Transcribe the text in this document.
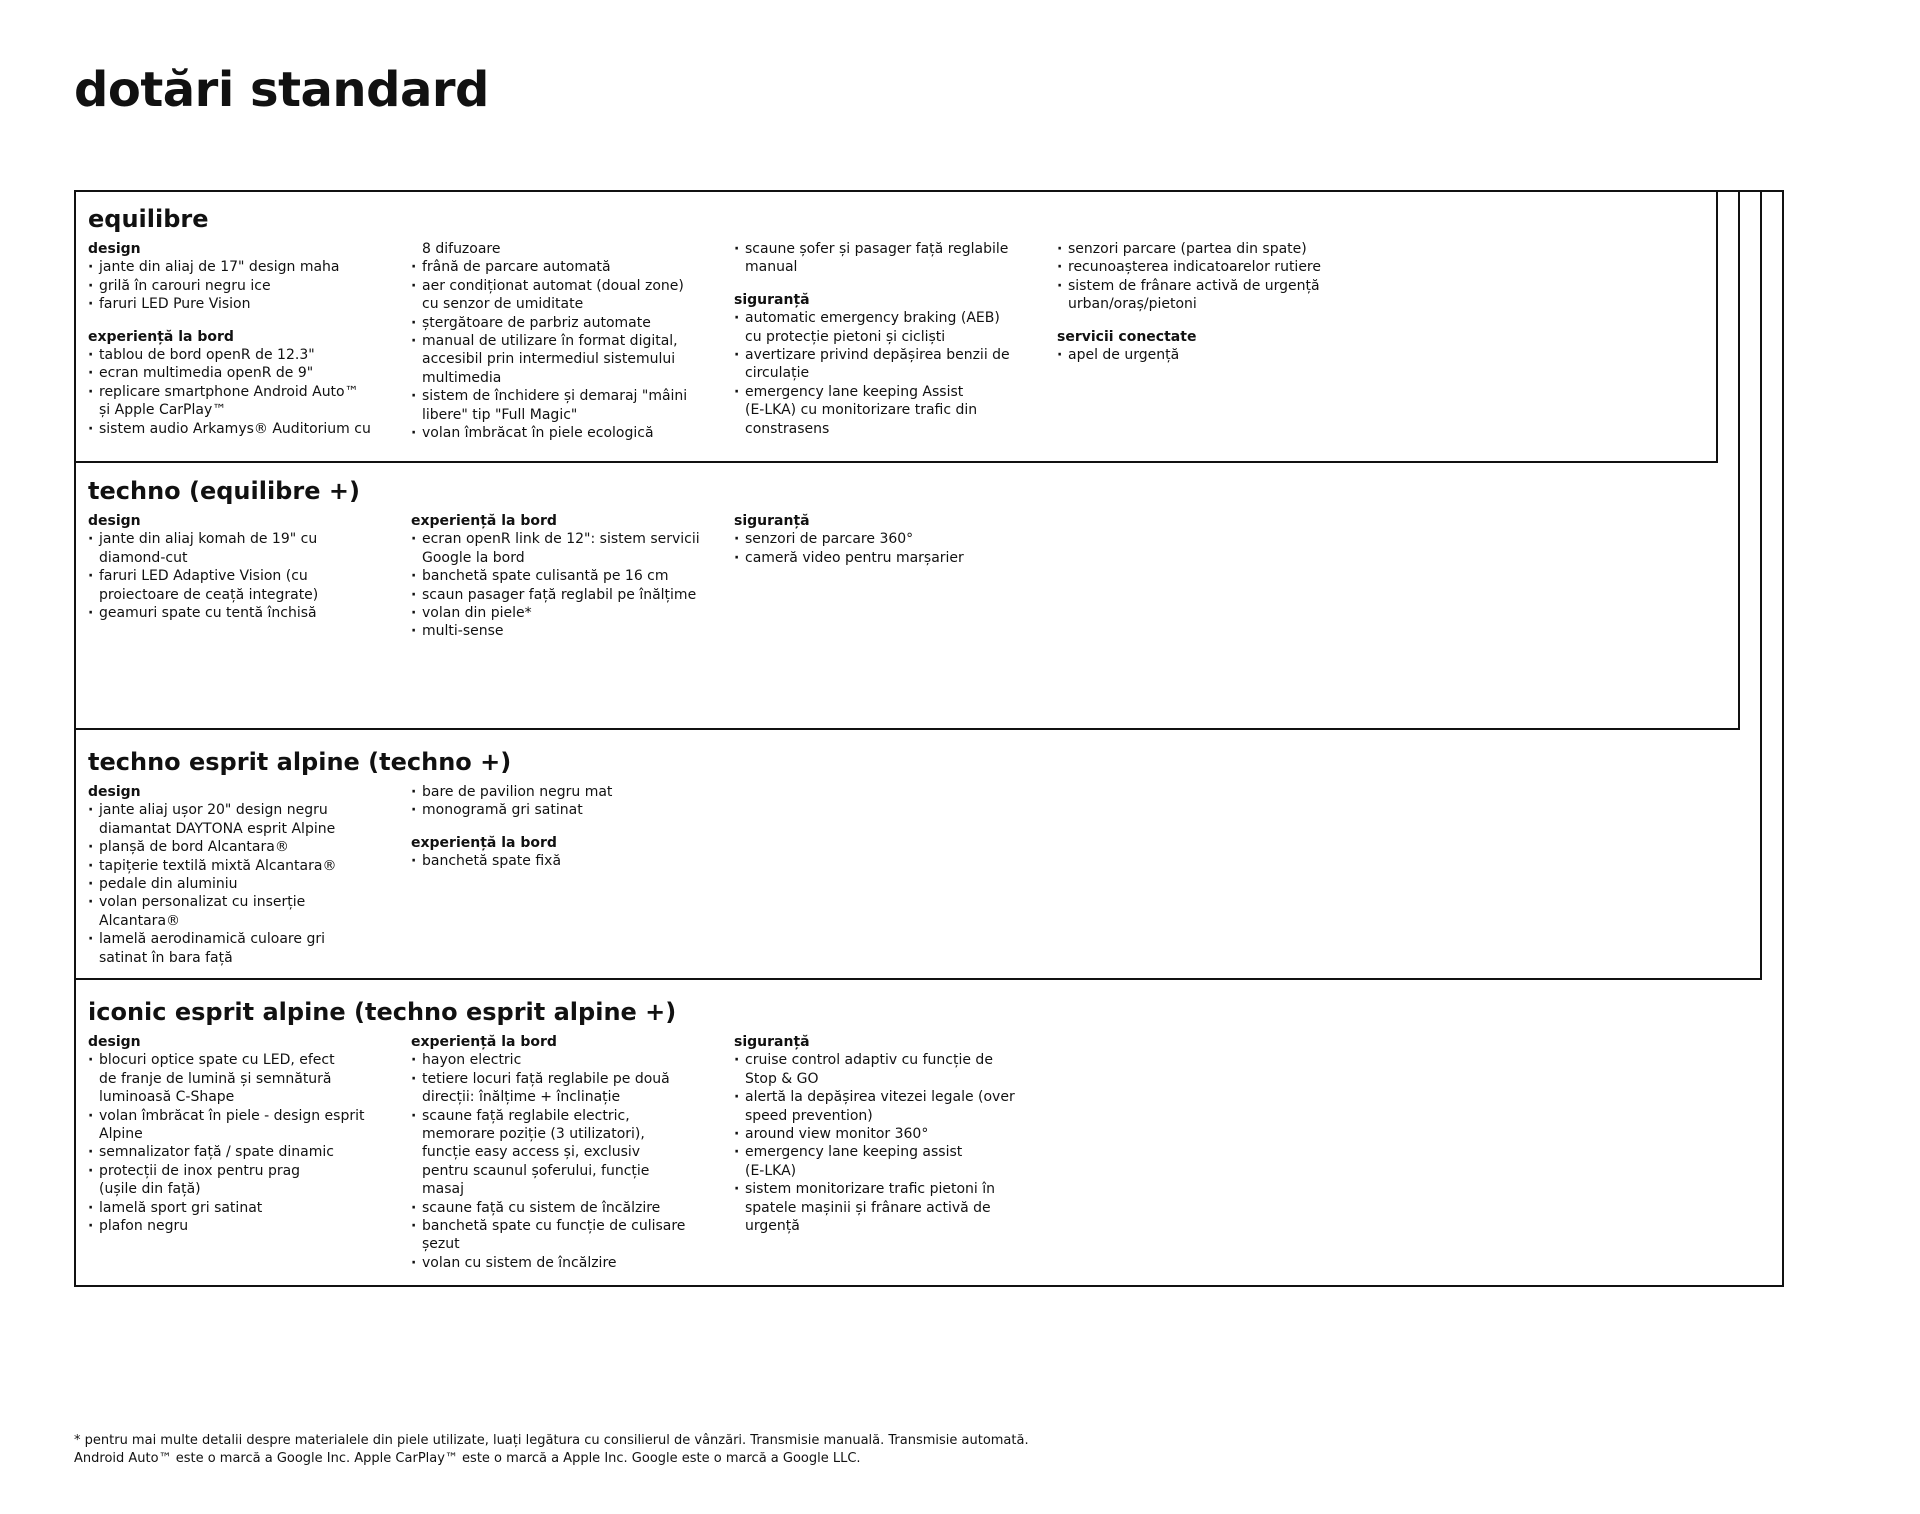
dotări standard
equilibre

design

· jante din aliaj de 17" design maha
· grilă în carouri negru ice
· faruri LED Pure Vision

experiență la bord

· tablou de bord openR de 12.3"
· ecran multimedia openR de 9"
· replicare smartphone Android Auto™
și Apple CarPlay™
· sistem audio Arkamys® Auditorium cu

8 difuzoare

· frână de parcare automată
· aer condiționat automat (doual zone)
cu senzor de umiditate
· ștergătoare de parbriz automate
· manual de utilizare în format digital,
accesibil prin intermediul sistemului
multimedia
· sistem de închidere și demaraj "mâini
libere" tip "Full Magic"
· volan îmbrăcat în piele ecologică
· scaune șofer și pasager față reglabile
manual

siguranță

· automatic emergency braking (AEB)
cu protecție pietoni și cicliști
· avertizare privind depășirea benzii de
circulație
· emergency lane keeping Assist
(E-LKA) cu monitorizare trafic din
constrasens
· senzori parcare (partea din spate)
· recunoașterea indicatoarelor rutiere
· sistem de frânare activă de urgență
urban/oraș/pietoni

servicii conectate

· apel de urgență
techno (equilibre +)

design

· jante din aliaj komah de 19" cu
diamond-cut
· faruri LED Adaptive Vision (cu
proiectoare de ceață integrate)
· geamuri spate cu tentă închisă

experiență la bord

· ecran openR link de 12": sistem servicii
Google la bord
· banchetă spate culisantă pe 16 cm
· scaun pasager față reglabil pe înălțime
· volan din piele*
· multi-sense

siguranță

· senzori de parcare 360°
· cameră video pentru marșarier
techno esprit alpine (techno +)

design

· jante aliaj ușor 20" design negru
diamantat DAYTONA esprit Alpine
· planșă de bord Alcantara®
· tapițerie textilă mixtă Alcantara®
· pedale din aluminiu
· volan personalizat cu inserție
Alcantara®
· lamelă aerodinamică culoare gri
satinat în bara față
· bare de pavilion negru mat
· monogramă gri satinat

experiență la bord

· banchetă spate fixă
iconic esprit alpine (techno esprit alpine +)

design

· blocuri optice spate cu LED, efect
de franje de lumină și semnătură
luminoasă C-Shape
· volan îmbrăcat în piele - design esprit
Alpine
· semnalizator față / spate dinamic
· protecții de inox pentru prag
(ușile din față)
· lamelă sport gri satinat
· plafon negru

experiență la bord

· hayon electric
· tetiere locuri față reglabile pe două
direcții: înălțime + înclinație
· scaune față reglabile electric,
memorare poziție (3 utilizatori),
funcție easy access și, exclusiv
pentru scaunul șoferului, funcție
masaj
· scaune față cu sistem de încălzire
· banchetă spate cu funcție de culisare
șezut
· volan cu sistem de încălzire

siguranță

· cruise control adaptiv cu funcție de
Stop & GO
· alertă la depășirea vitezei legale (over
speed prevention)
· around view monitor 360°
· emergency lane keeping assist
(E-LKA)
· sistem monitorizare trafic pietoni în
spatele mașinii și frânare activă de
urgență

* pentru mai multe detalii despre materialele din piele utilizate, luați legătura cu consilierul de vânzări. Transmisie manuală. Transmisie automată.

Android Auto™ este o marcă a Google Inc. Apple CarPlay™ este o marcă a Apple Inc. Google este o marcă a Google LLC.
